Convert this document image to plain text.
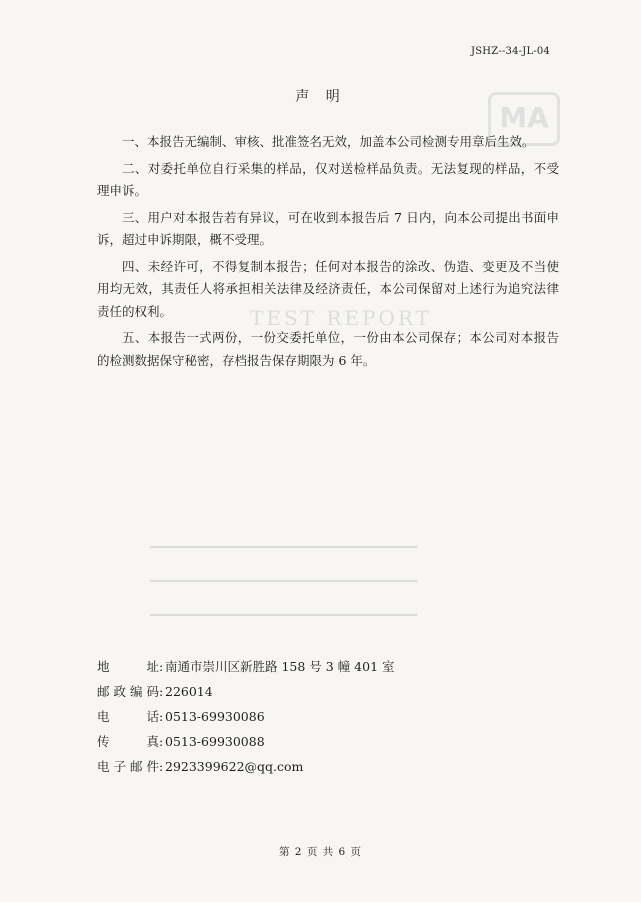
MA
TEST REPORT
━━━━━━━━━━━━━━━━━━━━━━━━━━━━━━━━━━━━━
━━━━━━━━━━━━━━━━━━━━━━━━━━━━━━━━━━━━━
━━━━━━━━━━━━━━━━━━━━━━━━━━━━━━━━━━━━━
JSHZ--34-JL-04
声 明

一、本报告无编制、审核、批准签名无效，加盖本公司检测专用章后生效。

二、对委托单位自行采集的样品，仅对送检样品负责。无法复现的样品，不受理申诉。

三、用户对本报告若有异议，可在收到本报告后 7 日内，向本公司提出书面申诉，超过申诉期限，概不受理。

四、未经许可，不得复制本报告；任何对本报告的涂改、伪造、变更及不当使用均无效，其责任人将承担相关法律及经济责任，本公司保留对上述行为追究法律责任的权利。

五、本报告一式两份，一份交委托单位，一份由本公司保存；本公司对本报告的检测数据保守秘密，存档报告保存期限为 6 年。

地　　址 : 南通市崇川区新胜路 158 号 3 幢 401 室
邮政编码 : 226014
电　　话 : 0513-69930086
传　　真 : 0513-69930088
电子邮件 : 2923399622@qq.com
第 2 页 共 6 页
